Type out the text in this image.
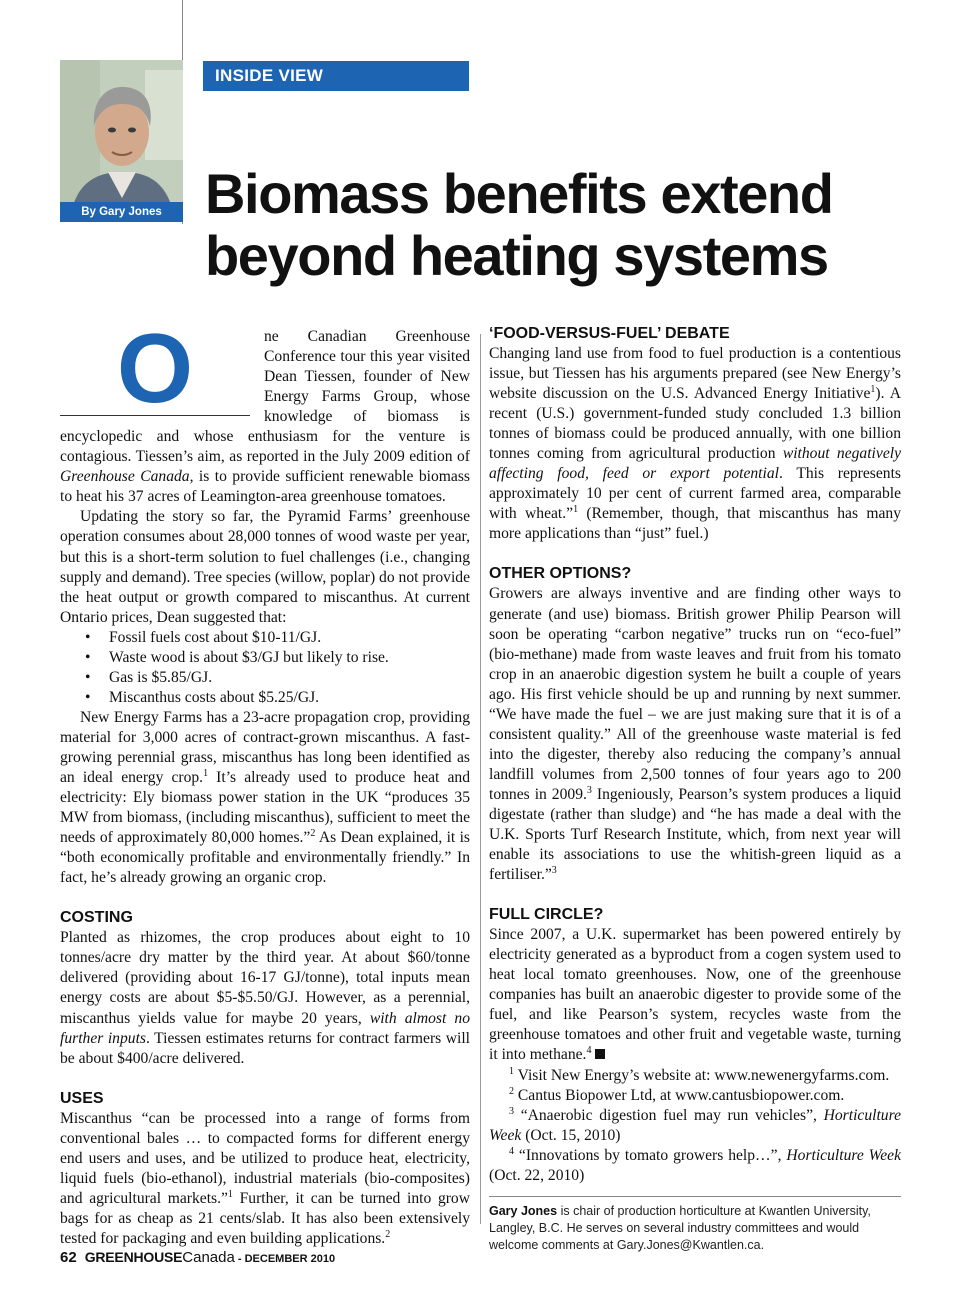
By Gary Jones
INSIDE VIEW
Biomass benefits extend
beyond heating systems

O	ne Canadian Greenhouse Conference tour this year visited Dean Tiessen, founder of New Energy Farms Group, whose knowledge of biomass is encyclopedic and whose enthusiasm for the venture is contagious. Tiessen’s aim, as reported in the July 2009 edition of Greenhouse Canada, is to provide sufficient renewable biomass to heat his 37 acres of Leamington-area greenhouse tomatoes.

Updating the story so far, the Pyramid Farms’ greenhouse operation consumes about 28,000 tonnes of wood waste per year, but this is a short-term solution to fuel challenges (i.e., changing supply and demand). Tree species (willow, poplar) do not provide the heat output or growth compared to miscanthus. At current Ontario prices, Dean suggested that:

• Fossil fuels cost about $10-11/GJ.
• Waste wood is about $3/GJ but likely to rise.
• Gas is $5.85/GJ.
• Miscanthus costs about $5.25/GJ.

New Energy Farms has a 23-acre propagation crop, providing material for 3,000 acres of contract-grown miscanthus. A fast-growing perennial grass, miscanthus has long been identified as an ideal energy crop.$^1$ It’s already used to produce heat and electricity: Ely biomass power station in the UK “produces 35 MW from biomass, (including miscanthus), sufficient to meet the needs of approximately 80,000 homes.”$^2$ As Dean explained, it is “both economically profitable and environmentally friendly.” In fact, he’s already growing an organic crop.

COSTING

Planted as rhizomes, the crop produces about eight to 10 tonnes/acre dry matter by the third year. At about $60/tonne delivered (providing about 16-17 GJ/tonne), total inputs mean energy costs are about $5-$5.50/GJ. However, as a perennial, miscanthus yields value for maybe 20 years, with almost no further inputs. Tiessen estimates returns for contract farmers will be about $400/acre delivered.

USES

Miscanthus “can be processed into a range of forms from conventional bales … to compacted forms for different energy end users and uses, and be utilized to produce heat, electricity, liquid fuels (bio-ethanol), industrial materials (bio-composites) and agricultural markets.”$^1$ Further, it can be turned into grow bags for as cheap as 21 cents/slab. It has also been extensively tested for packaging and even building applications.$^2$

‘FOOD-VERSUS-FUEL’ DEBATE

Changing land use from food to fuel production is a contentious issue, but Tiessen has his arguments prepared (see New Energy’s website discussion on the U.S. Advanced Energy Initiative$^1$). A recent (U.S.) government-funded study concluded 1.3 billion tonnes of biomass could be produced annually, with one billion tonnes coming from agricultural production without negatively affecting food, feed or export potential. This represents approximately 10 per cent of current farmed area, comparable with wheat.”$^1$ (Remember, though, that miscanthus has many more applications than “just” fuel.)

OTHER OPTIONS?

Growers are always inventive and are finding other ways to generate (and use) biomass. British grower Philip Pearson will soon be operating “carbon negative” trucks run on “eco-fuel” (bio-methane) made from waste leaves and fruit from his tomato crop in an anaerobic digestion system he built a couple of years ago. His first vehicle should be up and running by next summer. “We have made the fuel – we are just making sure that it is of a consistent quality.” All of the greenhouse waste material is fed into the digester, thereby also reducing the company’s annual landfill volumes from 2,500 tonnes of four years ago to 200 tonnes in 2009.$^3$ Ingeniously, Pearson’s system produces a liquid digestate (rather than sludge) and “he has made a deal with the U.K. Sports Turf Research Institute, which, from next year will enable its associations to use the whitish-green liquid as a fertiliser.”$^3$

FULL CIRCLE?

Since 2007, a U.K. supermarket has been powered entirely by electricity generated as a byproduct from a cogen system used to heat local tomato greenhouses. Now, one of the greenhouse companies has built an anaerobic digester to provide some of the fuel, and like Pearson’s system, recycles waste from the greenhouse tomatoes and other fruit and vegetable waste, turning it into methane.$^4$

$^1$ Visit New Energy’s website at: www.newenergyfarms.com.

$^2$ Cantus Biopower Ltd, at www.cantusbiopower.com.

$^3$ “Anaerobic digestion fuel may run vehicles”, Horticulture Week (Oct. 15, 2010)

$^4$ “Innovations by tomato growers help…”, Horticulture Week (Oct. 22, 2010)

Gary Jones is chair of production horticulture at Kwantlen University, Langley, B.C. He serves on several industry committees and would welcome comments at Gary.Jones@Kwantlen.ca.
62 GREENHOUSECanada - DECEMBER 2010
